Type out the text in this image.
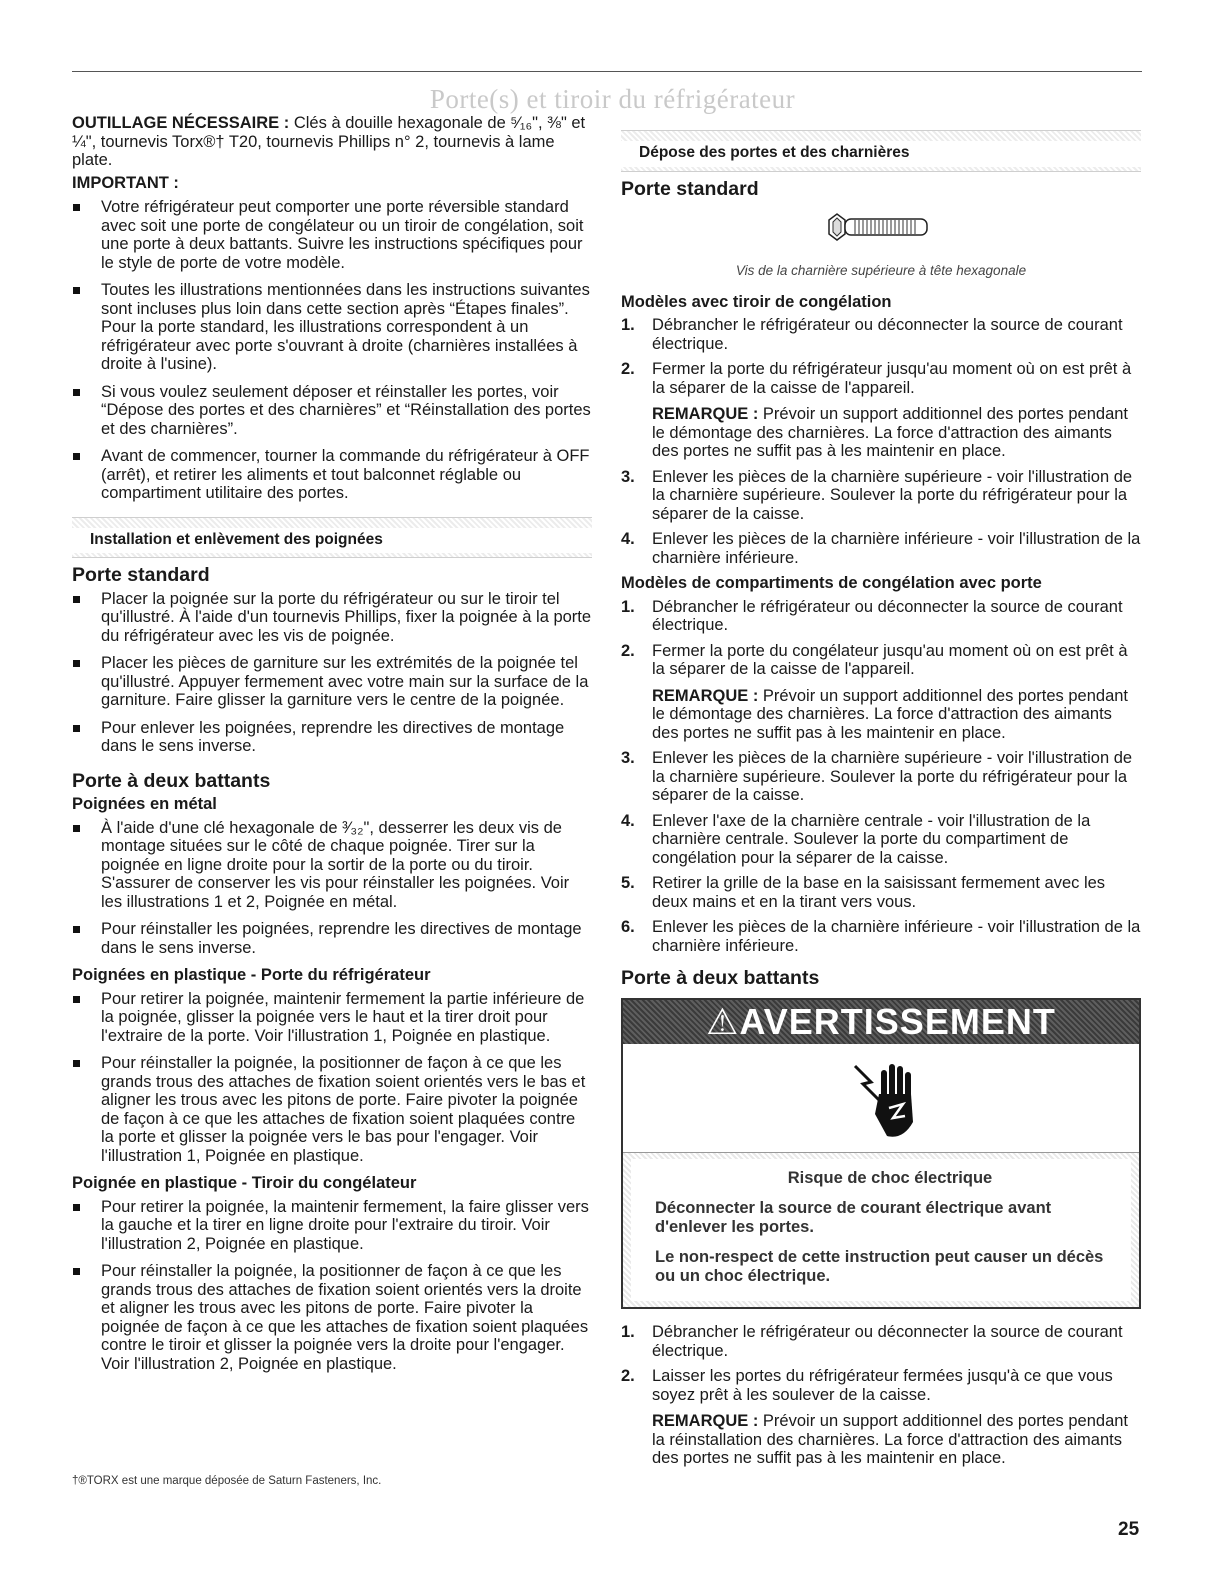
Porte(s) et tiroir du réfrigérateur

OUTILLAGE NÉCESSAIRE : Clés à douille hexagonale de ⁵⁄₁₆", ⅜" et ¼", tournevis Torx®† T20, tournevis Phillips n° 2, tournevis à lame plate.

IMPORTANT :

Votre réfrigérateur peut comporter une porte réversible standard avec soit une porte de congélateur ou un tiroir de congélation, soit une porte à deux battants. Suivre les instructions spécifiques pour le style de porte de votre modèle.
Toutes les illustrations mentionnées dans les instructions suivantes sont incluses plus loin dans cette section après “Étapes finales”. Pour la porte standard, les illustrations correspondent à un réfrigérateur avec porte s'ouvrant à droite (charnières installées à droite à l'usine).
Si vous voulez seulement déposer et réinstaller les portes, voir “Dépose des portes et des charnières” et “Réinstallation des portes et des charnières”.
Avant de commencer, tourner la commande du réfrigérateur à OFF (arrêt), et retirer les aliments et tout balconnet réglable ou compartiment utilitaire des portes.
Installation et enlèvement des poignées
Porte standard
Placer la poignée sur la porte du réfrigérateur ou sur le tiroir tel qu'illustré. À l'aide d'un tournevis Phillips, fixer la poignée à la porte du réfrigérateur avec les vis de poignée.
Placer les pièces de garniture sur les extrémités de la poignée tel qu'illustré. Appuyer fermement avec votre main sur la surface de la garniture. Faire glisser la garniture vers le centre de la poignée.
Pour enlever les poignées, reprendre les directives de montage dans le sens inverse.
Porte à deux battants
Poignées en métal
À l'aide d'une clé hexagonale de ³⁄₃₂", desserrer les deux vis de montage situées sur le côté de chaque poignée. Tirer sur la poignée en ligne droite pour la sortir de la porte ou du tiroir. S'assurer de conserver les vis pour réinstaller les poignées. Voir les illustrations 1 et 2, Poignée en métal.
Pour réinstaller les poignées, reprendre les directives de montage dans le sens inverse.
Poignées en plastique - Porte du réfrigérateur
Pour retirer la poignée, maintenir fermement la partie inférieure de la poignée, glisser la poignée vers le haut et la tirer droit pour l'extraire de la porte. Voir l'illustration 1, Poignée en plastique.
Pour réinstaller la poignée, la positionner de façon à ce que les grands trous des attaches de fixation soient orientés vers le bas et aligner les trous avec les pitons de porte. Faire pivoter la poignée de façon à ce que les attaches de fixation soient plaquées contre la porte et glisser la poignée vers le bas pour l'engager. Voir l'illustration 1, Poignée en plastique.
Poignée en plastique - Tiroir du congélateur
Pour retirer la poignée, la maintenir fermement, la faire glisser vers la gauche et la tirer en ligne droite pour l'extraire du tiroir. Voir l'illustration 2, Poignée en plastique.
Pour réinstaller la poignée, la positionner de façon à ce que les grands trous des attaches de fixation soient orientés vers la droite et aligner les trous avec les pitons de porte. Faire pivoter la poignée de façon à ce que les attaches de fixation soient plaquées contre le tiroir et glisser la poignée vers la droite pour l'engager. Voir l'illustration 2, Poignée en plastique.
Dépose des portes et des charnières
Porte standard

Vis de la charnière supérieure à tête hexagonale

Modèles avec tiroir de congélation
1. Débrancher le réfrigérateur ou déconnecter la source de courant électrique.
2. Fermer la porte du réfrigérateur jusqu'au moment où on est prêt à la séparer de la caisse de l'appareil.

REMARQUE : Prévoir un support additionnel des portes pendant le démontage des charnières. La force d'attraction des aimants des portes ne suffit pas à les maintenir en place.

3. Enlever les pièces de la charnière supérieure - voir l'illustration de la charnière supérieure. Soulever la porte du réfrigérateur pour la séparer de la caisse.
4. Enlever les pièces de la charnière inférieure - voir l'illustration de la charnière inférieure.
Modèles de compartiments de congélation avec porte
1. Débrancher le réfrigérateur ou déconnecter la source de courant électrique.
2. Fermer la porte du congélateur jusqu'au moment où on est prêt à la séparer de la caisse de l'appareil.

REMARQUE : Prévoir un support additionnel des portes pendant le démontage des charnières. La force d'attraction des aimants des portes ne suffit pas à les maintenir en place.

3. Enlever les pièces de la charnière supérieure - voir l'illustration de la charnière supérieure. Soulever la porte du réfrigérateur pour la séparer de la caisse.
4. Enlever l'axe de la charnière centrale - voir l'illustration de la charnière centrale. Soulever la porte du compartiment de congélation pour la séparer de la caisse.
5. Retirer la grille de la base en la saisissant fermement avec les deux mains et en la tirant vers vous.
6. Enlever les pièces de la charnière inférieure - voir l'illustration de la charnière inférieure.
Porte à deux battants
⚠AVERTISSEMENT

Risque de choc électrique

Déconnecter la source de courant électrique avant d'enlever les portes.

Le non-respect de cette instruction peut causer un décès ou un choc électrique.

1. Débrancher le réfrigérateur ou déconnecter la source de courant électrique.
2. Laisser les portes du réfrigérateur fermées jusqu'à ce que vous soyez prêt à les soulever de la caisse.

REMARQUE : Prévoir un support additionnel des portes pendant la réinstallation des charnières. La force d'attraction des aimants des portes ne suffit pas à les maintenir en place.

†®TORX est une marque déposée de Saturn Fasteners, Inc.
25
